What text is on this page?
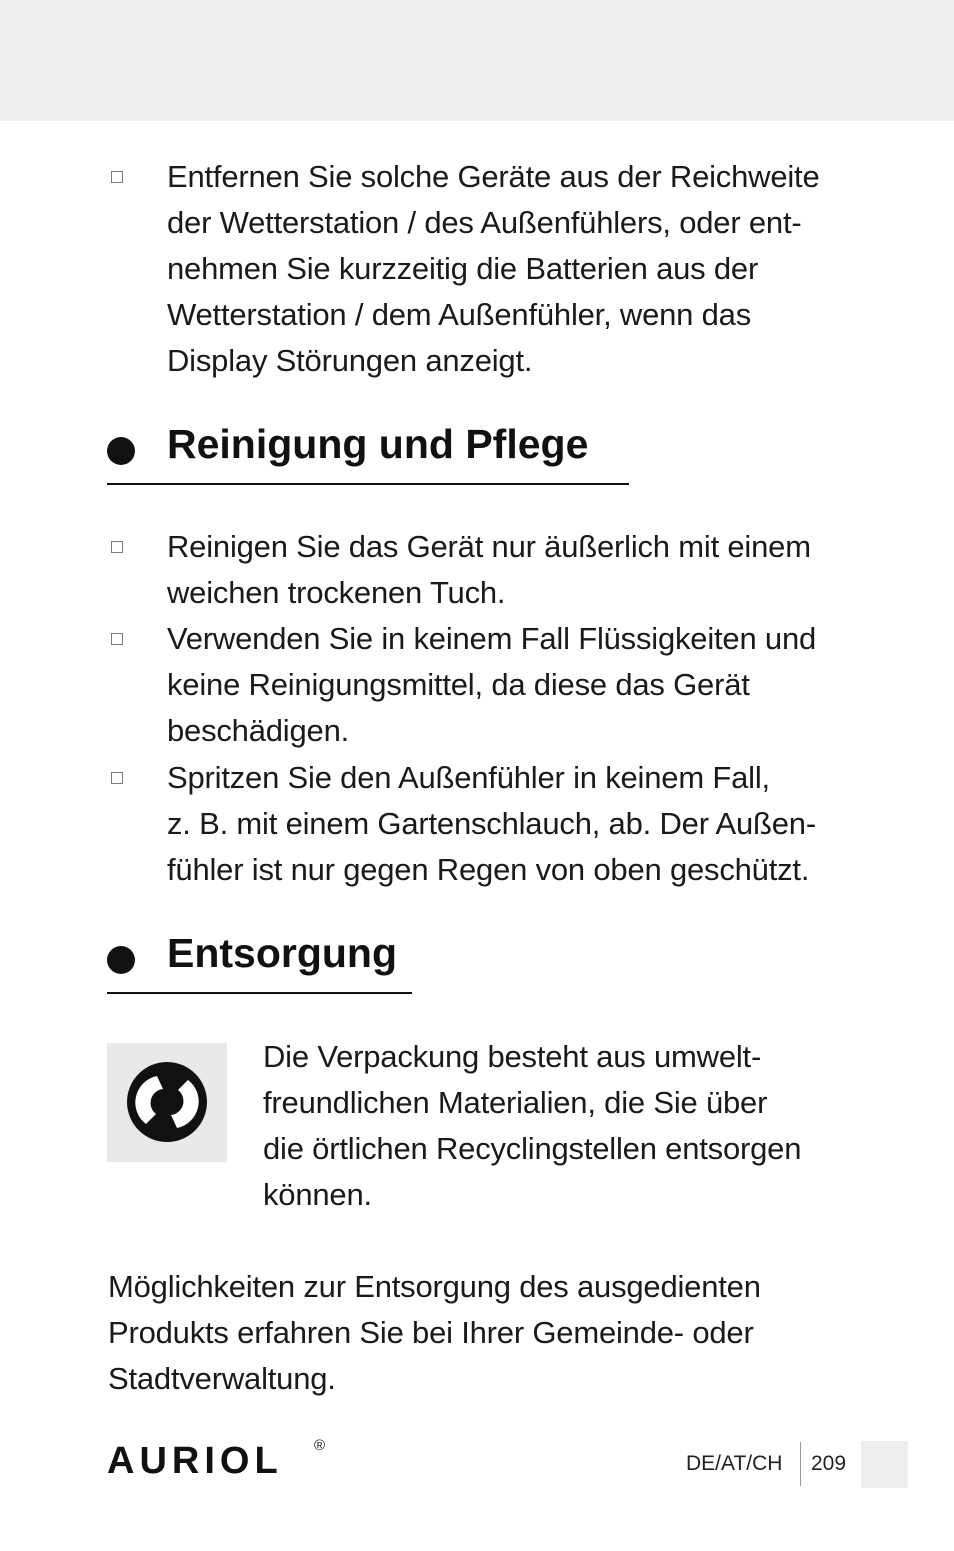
Entfernen Sie solche Geräte aus der Reichweite
der Wetterstation / des Außenfühlers, oder ent-
nehmen Sie kurzzeitig die Batterien aus der
Wetterstation / dem Außenfühler, wenn das
Display Störungen anzeigt.
Reinigung und Pflege
Reinigen Sie das Gerät nur äußerlich mit einem
weichen trockenen Tuch.
Verwenden Sie in keinem Fall Flüssigkeiten und
keine Reinigungsmittel, da diese das Gerät
beschädigen.
Spritzen Sie den Außenfühler in keinem Fall,
z. B. mit einem Gartenschlauch, ab. Der Außen-
fühler ist nur gegen Regen von oben geschützt.
Entsorgung
Die Verpackung besteht aus umwelt-
freundlichen Materialien, die Sie über
die örtlichen Recyclingstellen entsorgen
können.
Möglichkeiten zur Entsorgung des ausgedienten
Produkts erfahren Sie bei Ihrer Gemeinde- oder
Stadtverwaltung.
AURIOL ®
DE/AT/CH 209
